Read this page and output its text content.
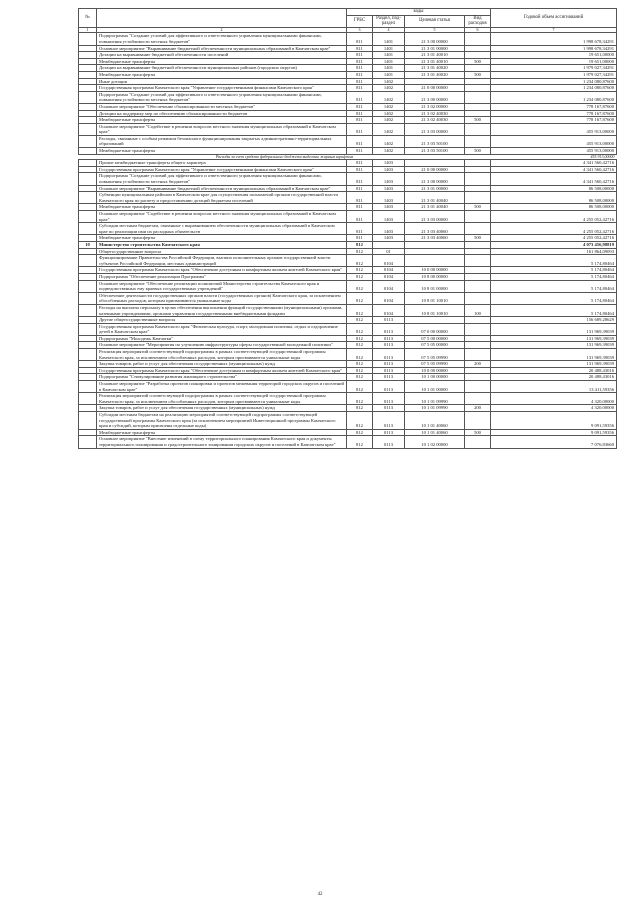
№		коды				Годовой объем ассигнований
		ГРБС	Раздел, под-раздел	Целевая статья	Вид расходов	
1	2	3	4	5	6	7
	Подпрограмма "Создание условий для эффективного и ответственного управления муниципальными финансами, повышения устойчивости местных бюджетов"	811	1401	21 3 00 00000		1 998 678,34291
	Основное мероприятие "Выравнивание бюджетной обеспеченности муниципальных образований в Камчатском крае"	811	1401	21 3 01 00000		1 998 678,34291
	Дотации на выравнивание бюджетной обеспеченности поселений	811	1401	21 3 01 40010		19 651,00000
	Межбюджетные трансферты	811	1401	21 3 01 40010	500	19 651,00000
	Дотации на выравнивание бюджетной обеспеченности муниципальных районов (городских округов)	811	1401	21 3 01 40020		1 979 027,34291
	Межбюджетные трансферты	811	1401	21 3 01 40020	500	1 979 027,34291
	Иные дотации	811	1402			1 234 080,87600
	Государственная программа Камчатского края "Управление государственными финансами Камчатского края"	811	1402	21 0 00 00000		1 234 080,87600
	Подпрограмма "Создание условий для эффективного и ответственного управления муниципальными финансами, повышения устойчивости местных бюджетов"	811	1402	21 3 00 00000		1 234 080,87600
	Основное мероприятие "Обеспечение сбалансированности местных бюджетов"	811	1402	21 3 02 00000		778 167,87600
	Дотации на поддержку мер по обеспечению сбалансированности бюджетов	811	1402	21 3 02 40030		778 167,87600
	Межбюджетные трансферты	811	1402	21 3 02 40030	500	778 167,87600
	Основное мероприятие "Содействие в решении вопросов местного значения муниципальных образований в Камчатском крае"	811	1402	21 3 03 00000		455 913,00000
	Расходы, связанные с особым режимом безопасного функционирования закрытых административно-территориальных образований	811	1402	21 3 03 50100		455 913,00000
	Межбюджетные трансферты	811	1402	21 3 03 50100	500	455 913,00000
Расходы за счет средств федерального бюджета выделены жирным шрифтом						455 913,00000
	Прочие межбюджетные трансферты общего характера	811	1403			4 341 560,42716
	Государственная программа Камчатского края "Управление государственными финансами Камчатского края"	811	1403	21 0 00 00000		4 341 560,42716
	Подпрограмма "Создание условий для эффективного и ответственного управления муниципальными финансами, повышения устойчивости местных бюджетов"	811	1403	21 3 00 00000		4 341 560,42716
	Основное мероприятие "Выравнивание бюджетной обеспеченности муниципальных образований в Камчатском крае"	811	1403	21 3 01 00000		86 508,00000
	Субвенции муниципальным районам в Камчатском крае для осуществления полномочий органов государственной власти Камчатского края по расчету и предоставлению дотаций бюджетам поселений	811	1403	21 3 01 40040		86 508,00000
	Межбюджетные трансферты	811	1403	21 3 01 40040	500	86 508,00000
	Основное мероприятие "Содействие в решении вопросов местного значения муниципальных образований в Камчатском крае"	811	1403	21 3 03 00000		4 255 052,42716
	Субсидии местным бюджетам, связанные с выравниванием обеспеченности муниципальных образований в Камчатском крае по реализации ими их расходных обязательств	811	1403	21 3 03 40060		4 255 052,42716
	Межбюджетные трансферты	811	1403	21 3 03 40060	500	4 255 052,42716
10	Министерство строительства Камчатского края	812				4 073 456,98819
	Общегосударственные вопросы	812	01			161 864,09093
	Функционирование Правительства Российской Федерации, высших исполнительных органов государственной власти субъектов Российской Федерации, местных администраций	812	0104			5 174,80464
	Государственная программа Камчатского края "Обеспечение доступным и комфортным жильем жителей Камчатского края"	812	0104	10 0 00 00000		5 174,80464
	Подпрограмма "Обеспечение реализации Программы"	812	0104	10 8 00 00000		5 174,80464
	Основное мероприятие "Обеспечение реализации полномочий Министерства строительства Камчатского края и подведомственных ему краевых государственных учреждений"	812	0104	10 8 01 00000		5 174,80464
	Обеспечение деятельности государственных органов власти (государственных органов) Камчатского края, за исключением обособленных расходов, которым присваиваются уникальные коды	812	0104	10 8 01 10010		5 174,80464
	Расходы на выплаты персоналу в целях обеспечения выполнения функций государственными (муниципальными) органами, казенными учреждениями, органами управления государственными внебюджетными фондами	812	0104	10 8 01 10010	100	5 174,80464
	Другие общегосударственные вопросы	812	0113			156 689,28629
	Государственная программа Камчатского края "Физическая культура, спорт, молодежная политика, отдых и оздоровление детей в Камчатском крае"	812	0113	07 0 00 00000		131 969,39039
	Подпрограмма "Молодежь Камчатки"	812	0113	07 5 00 00000		131 969,39039
	Основное мероприятие "Мероприятия по улучшению инфраструктуры сферы государственной молодежной политики"	812	0113	07 5 05 00000		131 969,39039
	Реализация мероприятий соответствующей подпрограммы в рамках соответствующей государственной программы Камчатского края, за исключением обособленных расходов, которым присваиваются уникальные коды	812	0113	07 5 05 09990		131 969,39039
	Закупка товаров, работ и услуг для обеспечения государственных (муниципальных) нужд	812	0113	07 5 05 09990	200	131 969,39039
	Государственная программа Камчатского края "Обеспечение доступным и комфортным жильем жителей Камчатского края"	812	0113	10 0 00 00000		20 488,43016
	Подпрограмма "Стимулирование развития жилищного строительства"	812	0113	10 1 00 00000		20 488,43016
	Основное мероприятие "Разработка проектов планировки и проектов межевания территорий городских округов и поселений в Камчатском крае"	812	0113	10 1 01 00000		13 411,59356
	Реализация мероприятий соответствующей подпрограммы в рамках соответствующей государственной программы Камчатского края, за исключением обособленных расходов, которым присваиваются уникальные коды	812	0113	10 1 01 09990		4 320,00000
	Закупка товаров, работ и услуг для обеспечения государственных (муниципальных) нужд	812	0113	10 1 01 09990	200	4 320,00000
	Субсидии местным бюджетам на реализацию мероприятий соответствующей подпрограммы соответствующей государственной программы Камчатского края (за исключением мероприятий Инвестиционной программы Камчатского края и субсидий, которым присвоены отдельные коды)	812	0113	10 1 01 40060		9 091,59356
	Межбюджетные трансферты	812	0113	10 1 01 40060	500	9 091,59356
	Основное мероприятие "Внесение изменений в схему территориального планирования Камчатского края и документы территориального планирования и градостроительного зонирования городских округов и поселений в Камчатском крае"	812	0113	10 1 02 00000		7 076,83660
42
